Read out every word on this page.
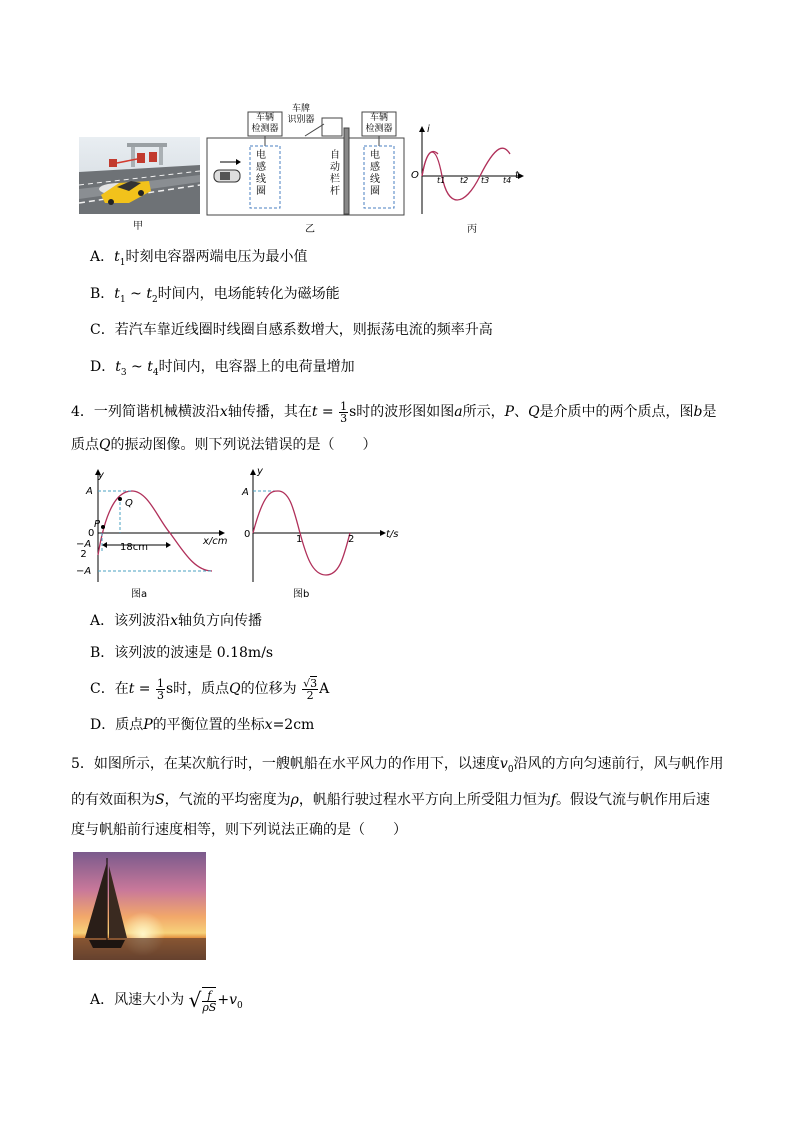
甲
车辆
检测器
车辆
检测器
车牌
识别器
电
感
线
圈
电
感
线
圈
自
动
栏
杆
乙
i
O	t
t1 t2 t3 t4
丙
A．$t_1$时刻电容器两端电压为最小值
B．$t_1$ ~ $t_2$时间内，电场能转化为磁场能
C．若汽车靠近线圈时线圈自感系数增大，则振荡电流的频率升高
D．$t_3$ ~ $t_4$时间内，电容器上的电荷量增加
4．一列简谐机械横波沿x轴传播，其在$t = \frac{1}{3}$ s时的波形图如图a所示，P、Q是介质中的两个质点，图b是
质点Q的振动图像。则下列说法错误的是（　　）
y
A
Q
P
0
−A
2
−A
18cm
x/cm
图a
y
A
0	1	2	t/s
图b
A．该列波沿x轴负方向传播
B．该列波的波速是 0.18m/s
C．在$t = \frac{1}{3}$ s时，质点Q的位移为 $\frac{√3}{2}$ A
D．质点P的平衡位置的坐标x=2cm
5．如图所示，在某次航行时，一艘帆船在水平风力的作用下，以速度$v_0$沿风的方向匀速前行，风与帆作用
的有效面积为S，气流的平均密度为ρ，帆船行驶过程水平方向上所受阻力恒为f。假设气流与帆作用后速
度与帆船前行速度相等，则下列说法正确的是（　　）
A．风速大小为 √ $\frac{f}{\rho S} +v_0$
